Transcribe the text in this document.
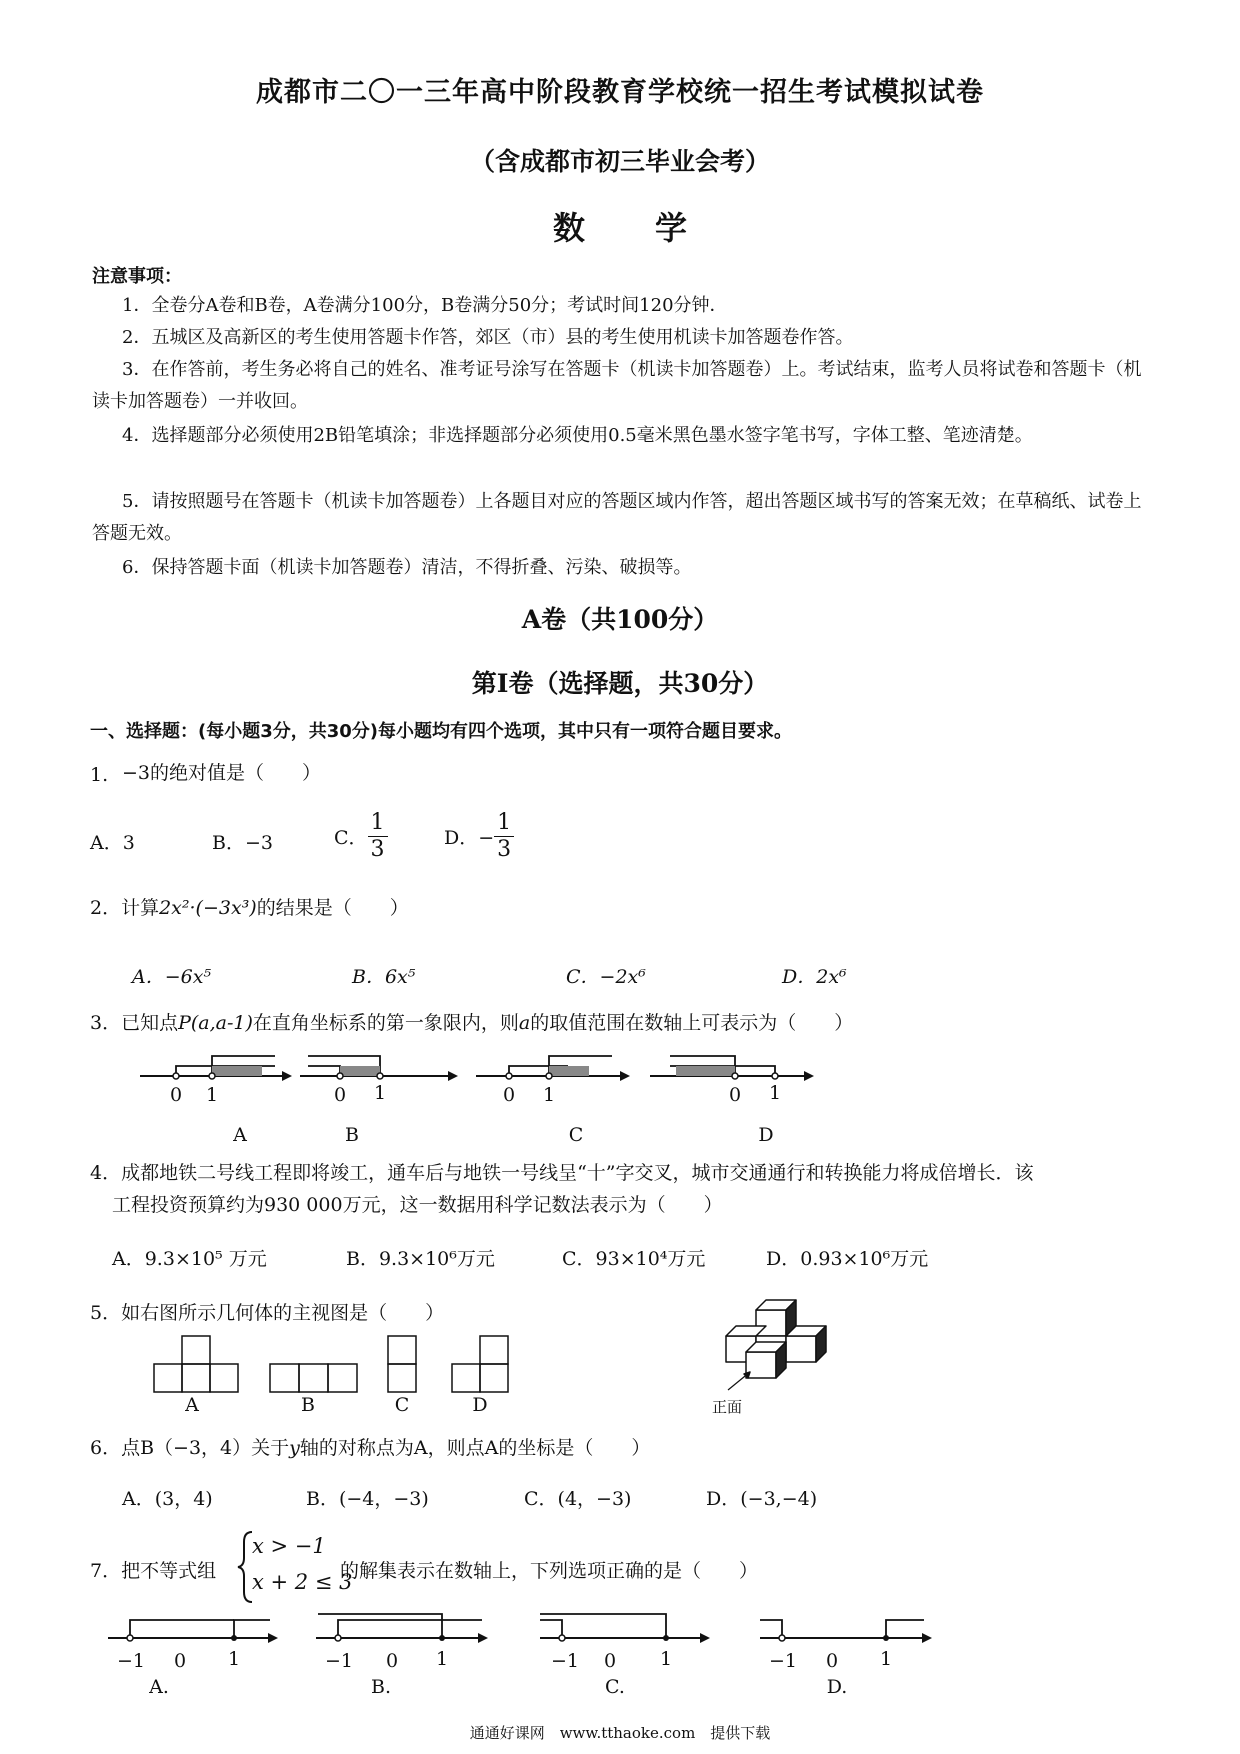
成都市二〇一三年高中阶段教育学校统一招生考试模拟试卷
（含成都市初三毕业会考）
数学
注意事项：
1．全卷分A卷和B卷，A卷满分100分，B卷满分50分；考试时间120分钟．
2．五城区及高新区的考生使用答题卡作答，郊区（市）县的考生使用机读卡加答题卷作答。
3．在作答前，考生务必将自己的姓名、准考证号涂写在答题卡（机读卡加答题卷）上。考试结束，监考人员将试卷和答题卡（机读卡加答题卷）一并收回。
4．选择题部分必须使用2B铅笔填涂；非选择题部分必须使用0.5毫米黑色墨水签字笔书写，字体工整、笔迹清楚。
5．请按照题号在答题卡（机读卡加答题卷）上各题目对应的答题区域内作答，超出答题区域书写的答案无效；在草稿纸、试卷上答题无效。
6．保持答题卡面（机读卡加答题卷）清洁，不得折叠、污染、破损等。
A卷（共100分）
第Ⅰ卷（选择题，共30分）
一、选择题：(每小题3分，共30分)每小题均有四个选项，其中只有一项符合题目要求。
1. −3的绝对值是（　　）
A．3	B．−3	C． $\frac{1}{3}$	D．− $\frac{1}{3}$
2．计算2x²·(−3x³)的结果是（　　）
A．−6x⁵	B．6x⁵	C．−2x⁶	D．2x⁶
3．已知点P(a,a-1)在直角坐标系的第一象限内，则a的取值范围在数轴上可表示为（　　）
0 1	0 1	0 1	0 1
A	B	C	D
4．成都地铁二号线工程即将竣工，通车后与地铁一号线呈“十”字交叉，城市交通通行和转换能力将成倍增长．该
工程投资预算约为930 000万元，这一数据用科学记数法表示为（　　）
A．9.3×10⁵ 万元	B．9.3×10⁶万元	C．93×10⁴万元	D．0.93×10⁶万元
5．如右图所示几何体的主视图是（　　）
A	B	C	D	正面
6．点B（−3，4）关于y轴的对称点为A，则点A的坐标是（　　）
A．(3，4)	B．(−4，−3)	C．(4，−3)	D．(−3,−4)
7．把不等式组
x > −1
x + 2 ≤ 3
的解集表示在数轴上，下列选项正确的是（　　）
−1 0 1	−1 0 1	−1 0 1	−1 0 1
A.	B.	C.	D.
通通好课网　www.tthaoke.com　提供下载
